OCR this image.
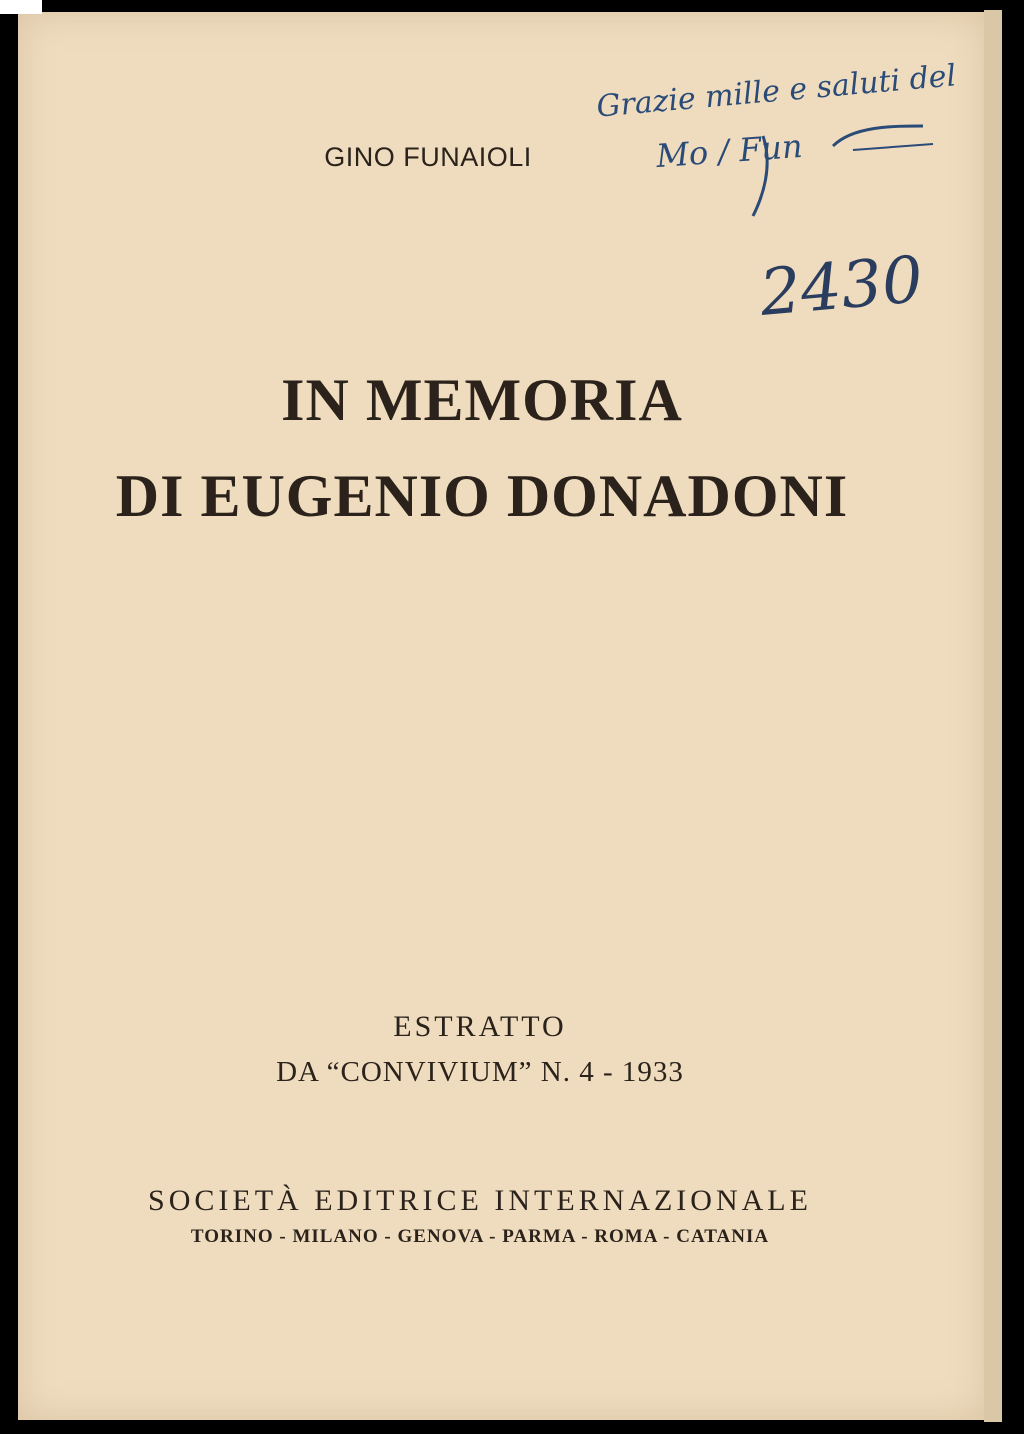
GINO FUNAIOLI

IN MEMORIA

DI EUGENIO DONADONI

ESTRATTO

DA “CONVIVIUM” N. 4 - 1933

SOCIETÀ EDITRICE INTERNAZIONALE

TORINO - MILANO - GENOVA - PARMA - ROMA - CATANIA

Grazie mille e saluti del

Mo / Fun

2430
